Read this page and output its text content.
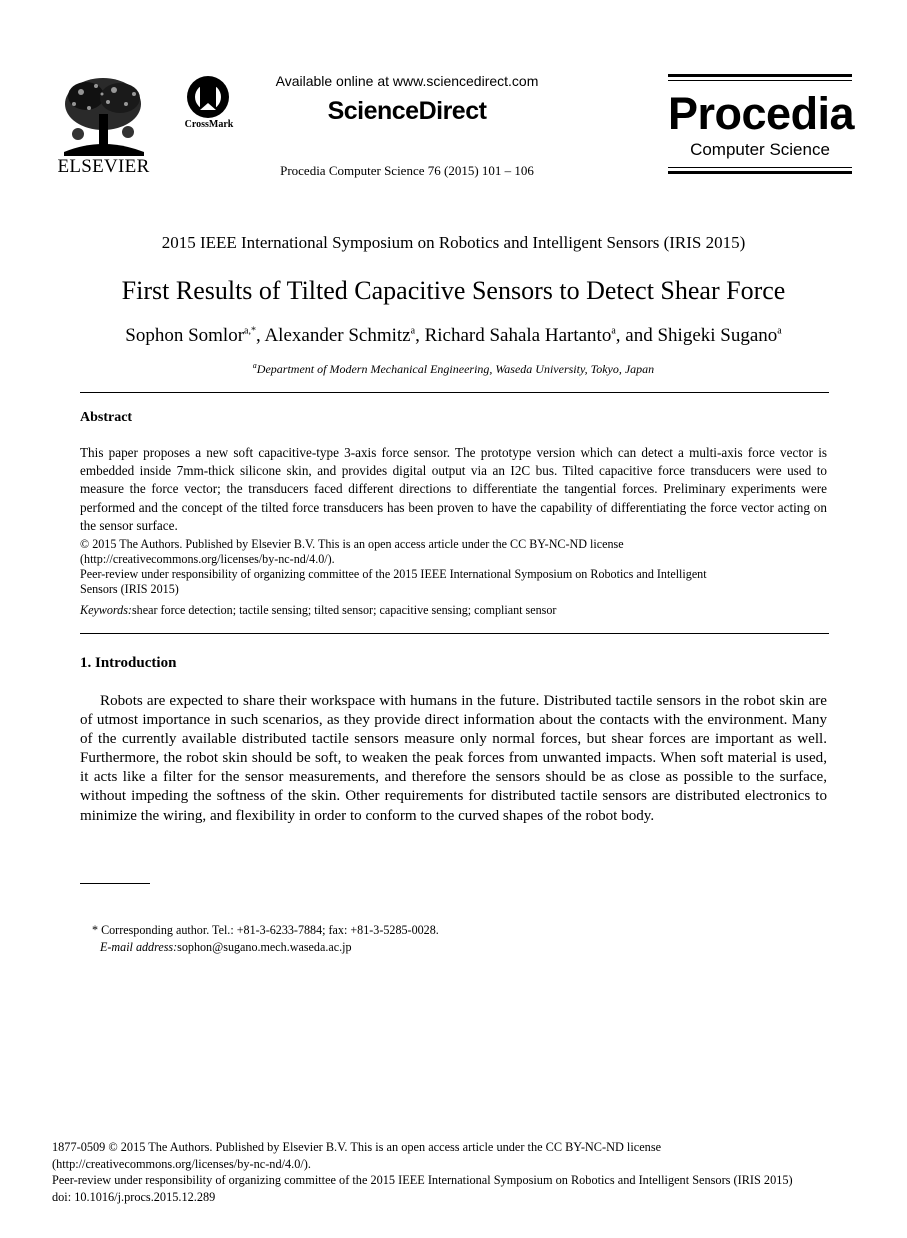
ELSEVIER
CrossMark
Available online at www.sciencedirect.com
ScienceDirect
Procedia Computer Science 76 (2015) 101 – 106
Procedia
Computer Science
2015 IEEE International Symposium on Robotics and Intelligent Sensors (IRIS 2015)
First Results of Tilted Capacitive Sensors to Detect Shear Force
Sophon Somlor$^{a,*}$, Alexander Schmitz$^a$, Richard Sahala Hartanto$^a$, and Shigeki Sugano$^a$
$^a$Department of Modern Mechanical Engineering, Waseda University, Tokyo, Japan
Abstract
This paper proposes a new soft capacitive-type 3-axis force sensor. The prototype version which can detect a multi-axis force vector is embedded inside 7mm-thick silicone skin, and provides digital output via an I2C bus. Tilted capacitive force transducers were used to measure the force vector; the transducers faced different directions to differentiate the tangential forces. Preliminary experiments were performed and the concept of the tilted force transducers has been proven to have the capability of differentiating the force vector acting on the sensor surface.
© 2015 The Authors. Published by Elsevier B.V. This is an open access article under the CC BY-NC-ND license
(http://creativecommons.org/licenses/by-nc-nd/4.0/).
Peer-review under responsibility of organizing committee of the 2015 IEEE International Symposium on Robotics and Intelligent
Sensors (IRIS 2015)
Keywords:shear force detection; tactile sensing; tilted sensor; capacitive sensing; compliant sensor
1. Introduction
Robots are expected to share their workspace with humans in the future. Distributed tactile sensors in the robot skin are of utmost importance in such scenarios, as they provide direct information about the contacts with the environment. Many of the currently available distributed tactile sensors measure only normal forces, but shear forces are important as well. Furthermore, the robot skin should be soft, to weaken the peak forces from unwanted impacts. When soft material is used, it acts like a filter for the sensor measurements, and therefore the sensors should be as close as possible to the surface, without impeding the softness of the skin. Other requirements for distributed tactile sensors are distributed electronics to minimize the wiring, and flexibility in order to conform to the curved shapes of the robot body.
* Corresponding author. Tel.: +81-3-6233-7884; fax: +81-3-5285-0028.
E-mail address:sophon@sugano.mech.waseda.ac.jp
1877-0509 © 2015 The Authors. Published by Elsevier B.V. This is an open access article under the CC BY-NC-ND license
(http://creativecommons.org/licenses/by-nc-nd/4.0/).
Peer-review under responsibility of organizing committee of the 2015 IEEE International Symposium on Robotics and Intelligent Sensors (IRIS 2015)
doi: 10.1016/j.procs.2015.12.289
